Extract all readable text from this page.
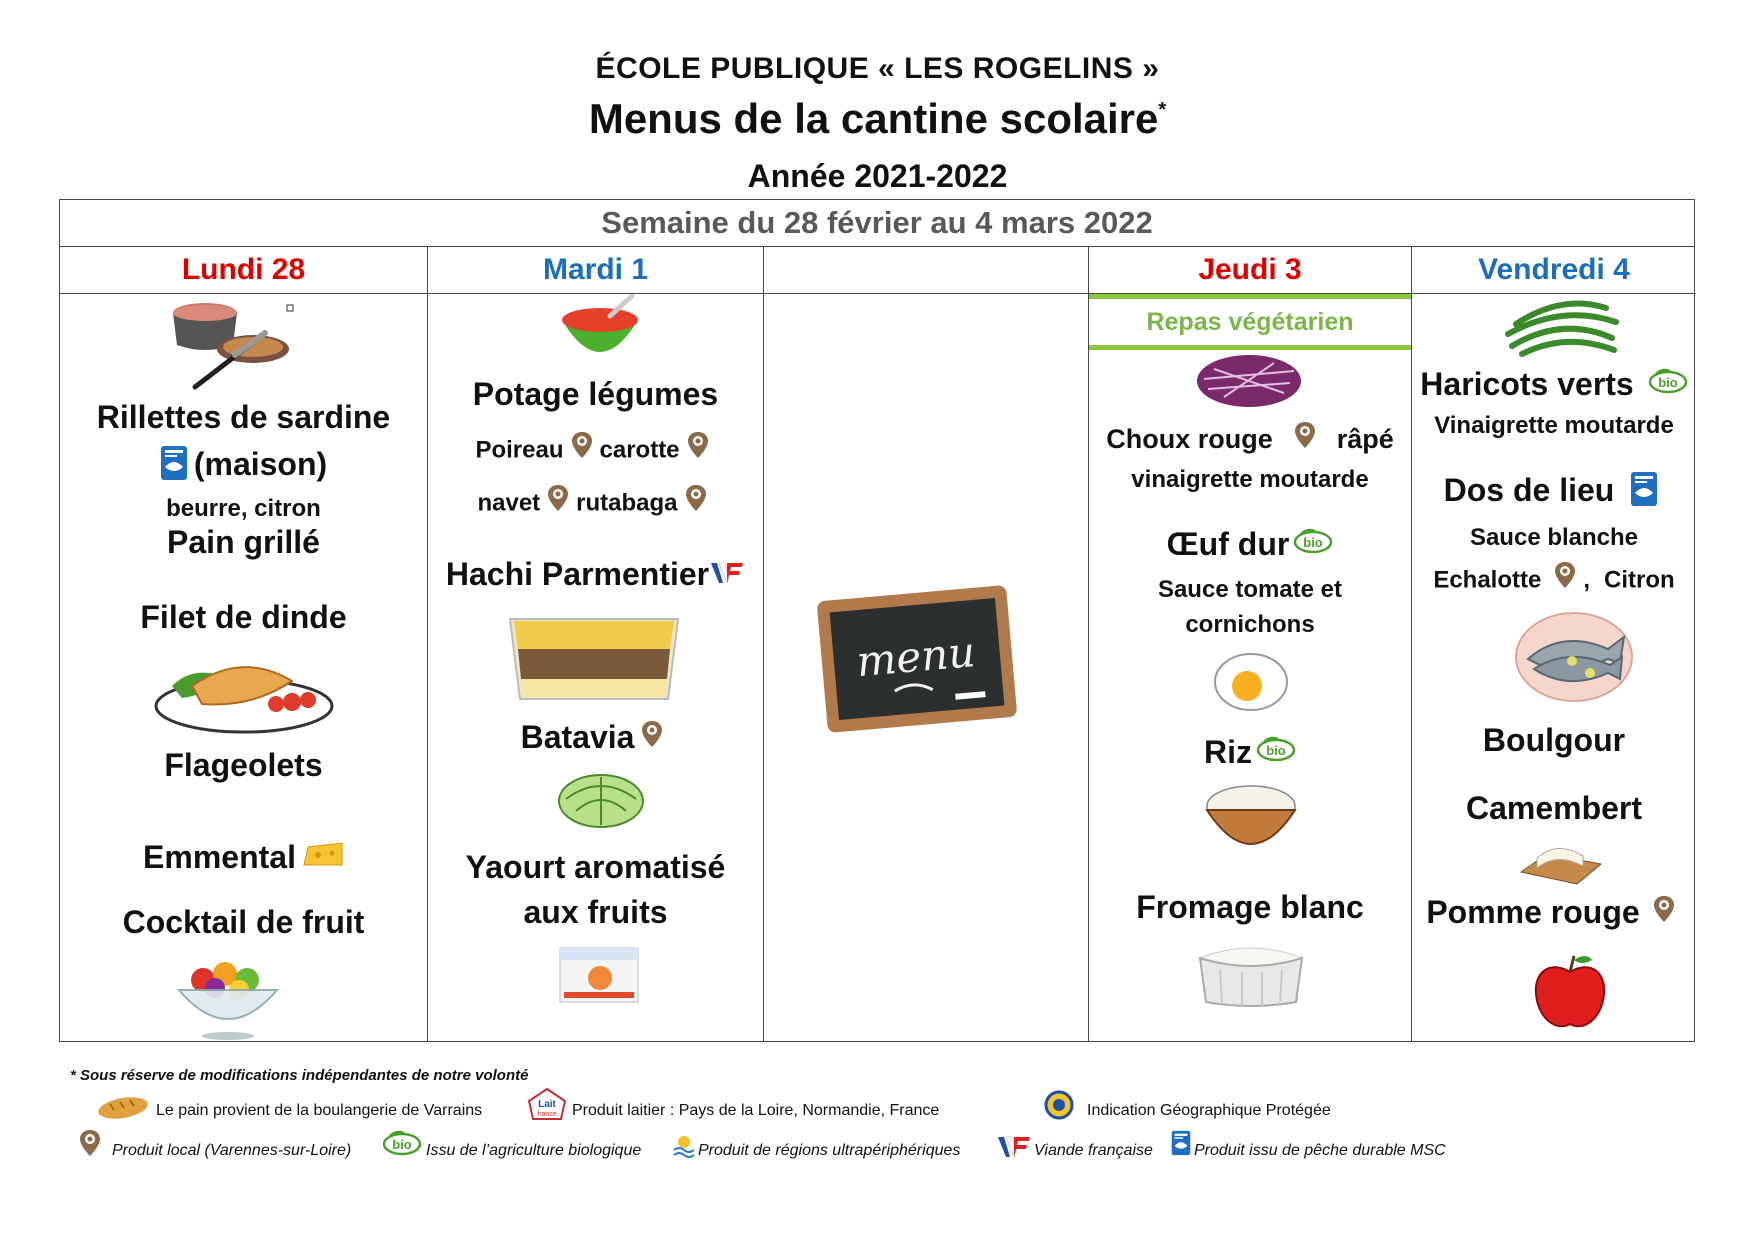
ÉCOLE PUBLIQUE « LES ROGELINS »
Menus de la cantine scolaire*
Année 2021-2022
Semaine du 28 février au 4 mars 2022
Lundi 28
Rillettes de sardine
(maison)
beurre, citron
Pain grillé
Filet de dinde
Flageolets
Emmental
Cocktail de fruit
Mardi 1
Potage légumes
Poireau carotte
navet rutabaga
Hachi Parmentier
Batavia
Yaourt aromatisé
aux fruits
menu
Jeudi 3
Repas végétarien
Choux rouge râpé
vinaigrette moutarde
Œuf dur
Sauce tomate et
cornichons
Riz
Fromage blanc
Vendredi 4
Haricots verts
Vinaigrette moutarde
Dos de lieu
Sauce blanche
Echalotte , Citron
Boulgour
Camembert
Pomme rouge
* Sous réserve de modifications indépendantes de notre volonté
Le pain provient de la boulangerie de Varrains	Lait
france Produit laitier : Pays de la Loire, Normandie, France	Indication Géographique Protégée
Produit local (Varennes-sur-Loire)	Issu de l’agriculture biologique	Produit de régions ultrapériphériques	Viande française	Produit issu de pêche durable MSC
